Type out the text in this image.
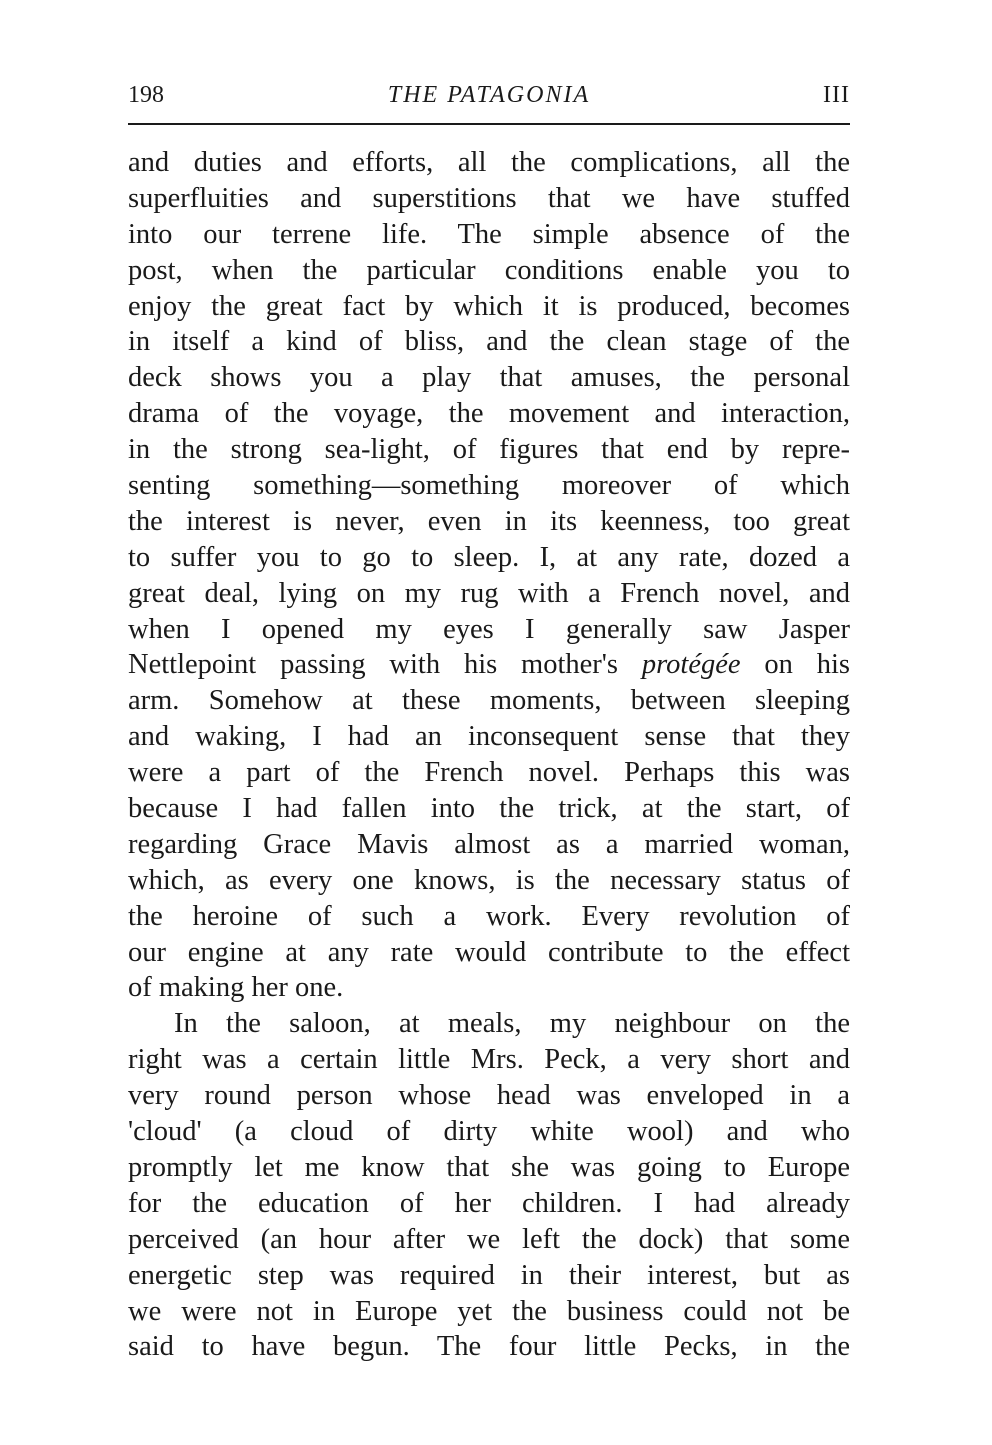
198	THE PATAGONIA	III
and duties and efforts, all the complications, all the
superfluities and superstitions that we have stuffed
into our terrene life. The simple absence of the
post, when the particular conditions enable you to
enjoy the great fact by which it is produced, becomes
in itself a kind of bliss, and the clean stage of the
deck shows you a play that amuses, the personal
drama of the voyage, the movement and interaction,
in the strong sea-light, of figures that end by repre-
senting something—something moreover of which
the interest is never, even in its keenness, too great
to suffer you to go to sleep. I, at any rate, dozed a
great deal, lying on my rug with a French novel, and
when I opened my eyes I generally saw Jasper
Nettlepoint passing with his mother's protégée on his
arm. Somehow at these moments, between sleeping
and waking, I had an inconsequent sense that they
were a part of the French novel. Perhaps this was
because I had fallen into the trick, at the start, of
regarding Grace Mavis almost as a married woman,
which, as every one knows, is the necessary status of
the heroine of such a work. Every revolution of
our engine at any rate would contribute to the effect
of making her one.
In the saloon, at meals, my neighbour on the
right was a certain little Mrs. Peck, a very short and
very round person whose head was enveloped in a
'cloud' (a cloud of dirty white wool) and who
promptly let me know that she was going to Europe
for the education of her children. I had already
perceived (an hour after we left the dock) that some
energetic step was required in their interest, but as
we were not in Europe yet the business could not be
said to have begun. The four little Pecks, in the
